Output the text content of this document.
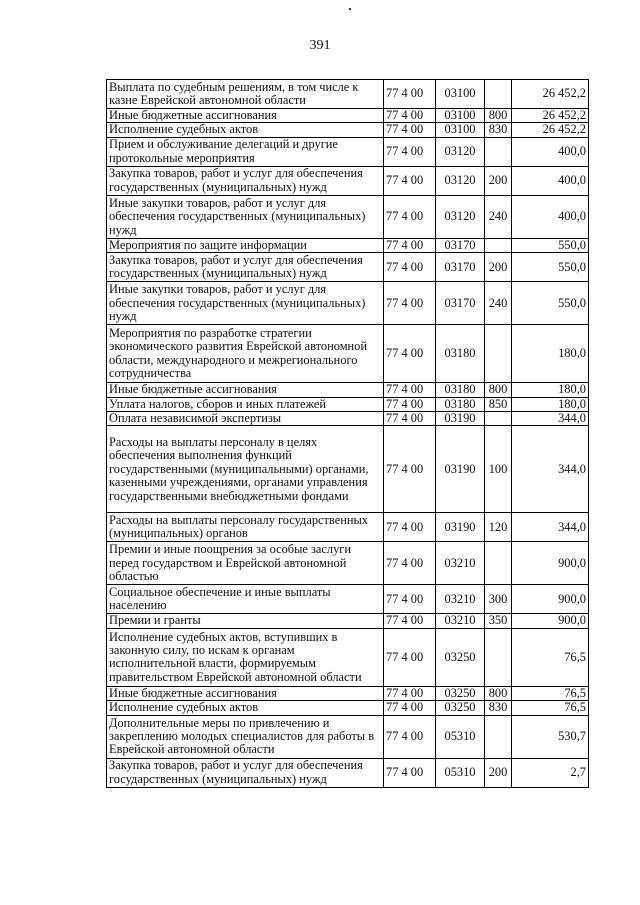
391
Выплата по судебным решениям, в том числе к казне Еврейской автономной области	77 4 00	03100		26 452,2
Иные бюджетные ассигнования	77 4 00	03100	800	26 452,2
Исполнение судебных актов	77 4 00	03100	830	26 452,2
Прием и обслуживание делегаций и другие протокольные мероприятия	77 4 00	03120		400,0
Закупка товаров, работ и услуг для обеспечения государственных (муниципальных) нужд	77 4 00	03120	200	400,0
Иные закупки товаров, работ и услуг для обеспечения государственных (муниципальных) нужд	77 4 00	03120	240	400,0
Мероприятия по защите информации	77 4 00	03170		550,0
Закупка товаров, работ и услуг для обеспечения государственных (муниципальных) нужд	77 4 00	03170	200	550,0
Иные закупки товаров, работ и услуг для обеспечения государственных (муниципальных) нужд	77 4 00	03170	240	550,0
Мероприятия по разработке стратегии экономического развития Еврейской автономной области, международного и межрегионального сотрудничества	77 4 00	03180		180,0
Иные бюджетные ассигнования	77 4 00	03180	800	180,0
Уплата налогов, сборов и иных платежей	77 4 00	03180	850	180,0
Оплата независимой экспертизы	77 4 00	03190		344,0
Расходы на выплаты персоналу в целях обеспечения выполнения функций государственными (муниципальными) органами, казенными учреждениями, органами управления государственными внебюджетными фондами	77 4 00	03190	100	344,0
Расходы на выплаты персоналу государственных (муниципальных) органов	77 4 00	03190	120	344,0
Премии и иные поощрения за особые заслуги перед государством и Еврейской автономной областью	77 4 00	03210		900,0
Социальное обеспечение и иные выплаты населению	77 4 00	03210	300	900,0
Премии и гранты	77 4 00	03210	350	900,0
Исполнение судебных актов, вступивших в законную силу, по искам к органам исполнительной власти, формируемым правительством Еврейской автономной области	77 4 00	03250		76,5
Иные бюджетные ассигнования	77 4 00	03250	800	76,5
Исполнение судебных актов	77 4 00	03250	830	76,5
Дополнительные меры по привлечению и закреплению молодых специалистов для работы в Еврейской автономной области	77 4 00	05310		530,7
Закупка товаров, работ и услуг для обеспечения государственных (муниципальных) нужд	77 4 00	05310	200	2,7
